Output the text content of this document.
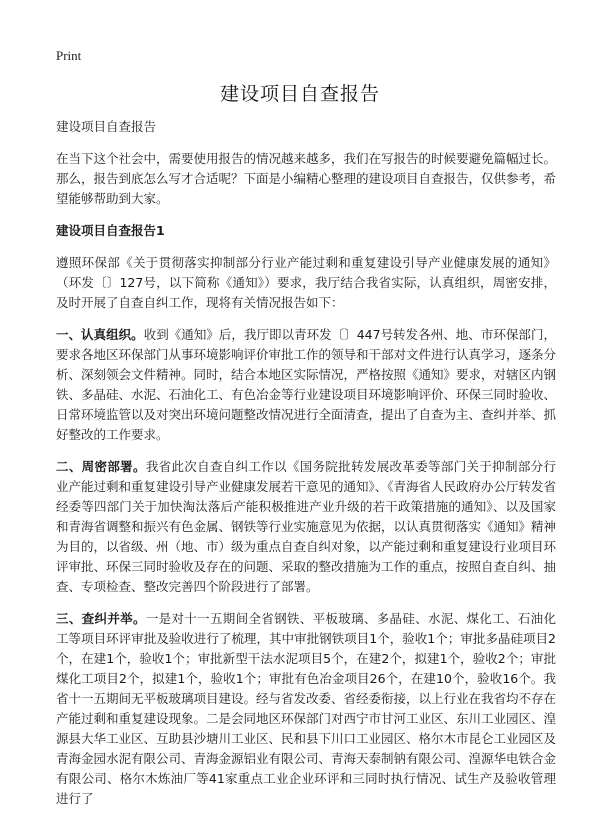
Print
建设项目自查报告

建设项目自查报告

在当下这个社会中，需要使用报告的情况越来越多，我们在写报告的时候要避免篇幅过长。那么，报告到底怎么写才合适呢？下面是小编精心整理的建设项目自查报告，仅供参考，希望能够帮助到大家。

建设项目自查报告1

遵照环保部《关于贯彻落实抑制部分行业产能过剩和重复建设引导产业健康发展的通知》（环发〔〕127号，以下简称《通知》）要求，我厅结合我省实际，认真组织，周密安排，及时开展了自查自纠工作，现将有关情况报告如下：

一、认真组织。收到《通知》后，我厅即以青环发〔〕447号转发各州、地、市环保部门，要求各地区环保部门从事环境影响评价审批工作的领导和干部对文件进行认真学习，逐条分析、深刻领会文件精神。同时，结合本地区实际情况，严格按照《通知》要求，对辖区内钢铁、多晶硅、水泥、石油化工、有色冶金等行业建设项目环境影响评价、环保三同时验收、日常环境监管以及对突出环境问题整改情况进行全面清查，提出了自查为主、查纠并举、抓好整改的工作要求。

二、周密部署。我省此次自查自纠工作以《国务院批转发展改革委等部门关于抑制部分行业产能过剩和重复建设引导产业健康发展若干意见的通知》、《青海省人民政府办公厅转发省经委等四部门关于加快淘汰落后产能积极推进产业升级的若干政策措施的通知》、以及国家和青海省调整和振兴有色金属、钢铁等行业实施意见为依据，以认真贯彻落实《通知》精神为目的，以省级、州（地、市）级为重点自查自纠对象，以产能过剩和重复建设行业项目环评审批、环保三同时验收及存在的问题、采取的整改措施为工作的重点，按照自查自纠、抽查、专项检查、整改完善四个阶段进行了部署。

三、查纠并举。一是对十一五期间全省钢铁、平板玻璃、多晶硅、水泥、煤化工、石油化工等项目环评审批及验收进行了梳理，其中审批钢铁项目1个，验收1个；审批多晶硅项目2个，在建1个，验收1个；审批新型干法水泥项目5个，在建2个，拟建1个，验收2个；审批煤化工项目2个，拟建1个，验收1个；审批有色冶金项目26个，在建10个，验收16个。我省十一五期间无平板玻璃项目建设。经与省发改委、省经委衔接，以上行业在我省均不存在产能过剩和重复建设现象。二是会同地区环保部门对西宁市甘河工业区、东川工业园区、湟源县大华工业区、互助县沙塘川工业区、民和县下川口工业园区、格尔木市昆仑工业园区及青海金园水泥有限公司、青海金源铝业有限公司、青海天泰制钠有限公司、湟源华电铁合金有限公司、格尔木炼油厂等41家重点工业企业环评和三同时执行情况、试生产及验收管理进行了
